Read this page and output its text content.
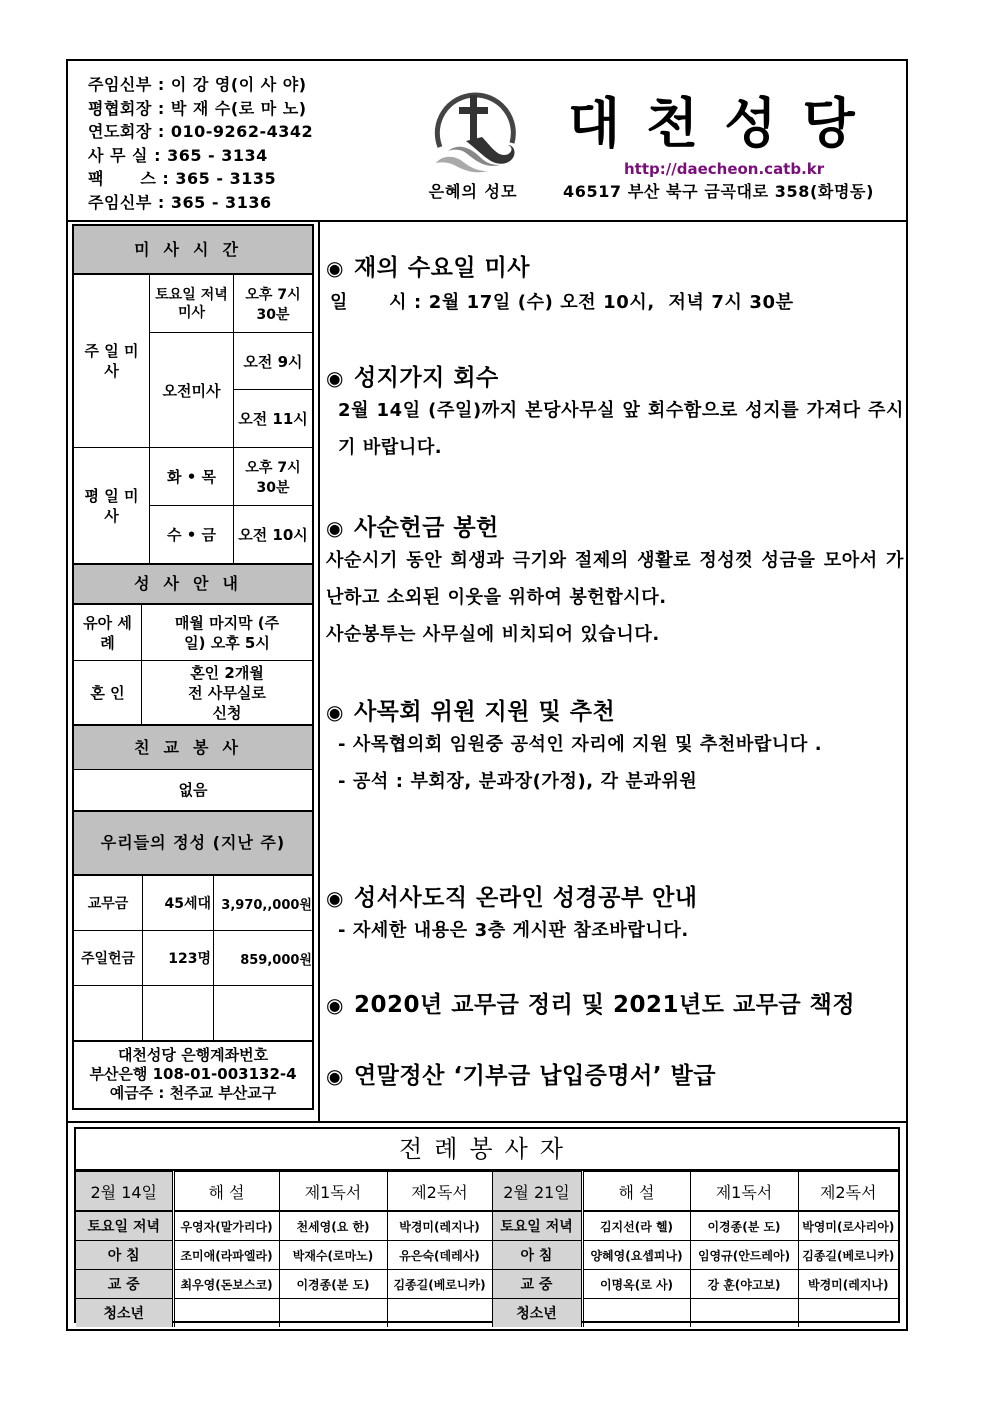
주임신부 : 이 강 영(이 사 야)
평협회장 : 박 재 수(로 마 노)
연도회장 : 010-9262-4342
사 무 실 : 365 - 3134
팩      스 : 365 - 3135
주임신부 : 365 - 3136
은혜의 성모
대천성당
http://daecheon.catb.kr
46517 부산 북구 금곡대로 358(화명동)
미사시간
주 일 미 사	토요일 저녁미사	오후 7시 30분
	오전미사	오전 9시
		오전 11시
평 일 미 사	화 • 목	오후 7시 30분
	수 • 금	오전 10시
성사안내
유아 세례	매월 마지막 (주일) 오후 5시
혼 인	혼인 2개월 전 사무실로 신청
친교봉사
없음
우리들의 정성 (지난 주)
교무금	45세대	3,970,,000원
주일헌금	123명	859,000원

대천성당 은행계좌번호
부산은행 108-01-003132-4
예금주 : 천주교 부산교구
◉ 재의 수요일 미사

일      시 : 2월 17일 (수) 오전 10시,  저녁 7시 30분

◉ 성지가지 회수

2월 14일 (주일)까지 본당사무실 앞 회수함으로 성지를 가져다 주시기 바랍니다.

◉ 사순헌금 봉헌

사순시기 동안 희생과 극기와 절제의 생활로 정성껏 성금을 모아서 가난하고 소외된 이웃을 위하여 봉헌합시다.

사순봉투는 사무실에 비치되어 있습니다.

◉ 사목회 위원 지원 및 추천

- 사목협의회 임원중 공석인 자리에 지원 및 추천바랍니다 .

- 공석 : 부회장, 분과장(가정), 각 분과위원

◉ 성서사도직 온라인 성경공부 안내

- 자세한 내용은 3층 게시판 참조바랍니다.

◉ 2020년 교무금 정리 및 2021년도 교무금 책정
◉ 연말정산 ‘기부금 납입증명서’ 발급
전례봉사자
2월 14일	해 설	제1독서	제2독서	2월 21일	해 설	제1독서	제2독서
토요일 저녁	우영자(말가리다)	천세영(요 한)	박경미(레지나)	토요일 저녁	김지선(라 헬)	이경종(분 도)	박영미(로사리아)
아 침	조미애(라파엘라)	박재수(로마노)	유은숙(데레사)	아 침	양혜영(요셉피나)	임영규(안드레아)	김종길(베로니카)
교 중	최우영(돈보스코)	이경종(분 도)	김종길(베로니카)	교 중	이명옥(로 사)	강 훈(야고보)	박경미(레지나)
청소년				청소년			
